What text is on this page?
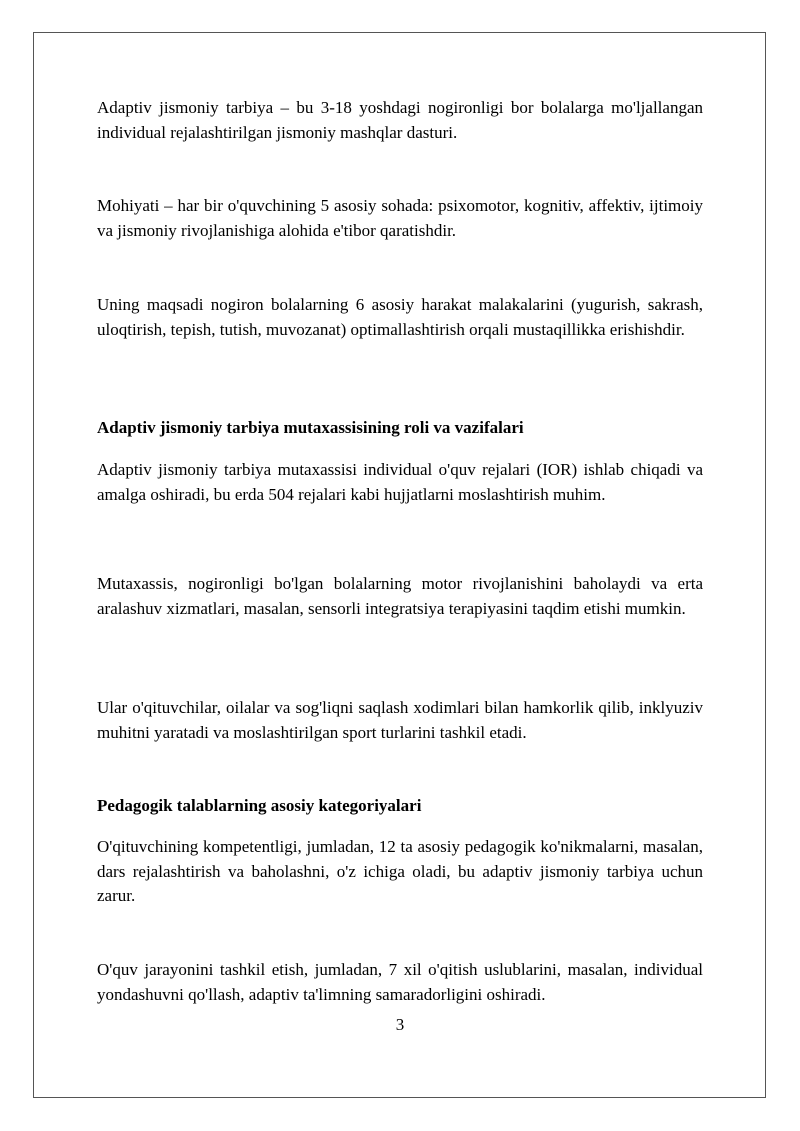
Adaptiv jismoniy tarbiya – bu 3-18 yoshdagi nogironligi bor bolalarga mo'ljallangan individual rejalashtirilgan jismoniy mashqlar dasturi.

Mohiyati – har bir o'quvchining 5 asosiy sohada: psixomotor, kognitiv, affektiv, ijtimoiy va jismoniy rivojlanishiga alohida e'tibor qaratishdir.

Uning maqsadi nogiron bolalarning 6 asosiy harakat malakalarini (yugurish, sakrash, uloqtirish, tepish, tutish, muvozanat) optimallashtirish orqali mustaqillikka erishishdir.

Adaptiv jismoniy tarbiya mutaxassisining roli va vazifalari

Adaptiv jismoniy tarbiya mutaxassisi individual o'quv rejalari (IOR) ishlab chiqadi va amalga oshiradi, bu erda 504 rejalari kabi hujjatlarni moslashtirish muhim.

Mutaxassis, nogironligi bo'lgan bolalarning motor rivojlanishini baholaydi va erta aralashuv xizmatlari, masalan, sensorli integratsiya terapiyasini taqdim etishi mumkin.

Ular o'qituvchilar, oilalar va sog'liqni saqlash xodimlari bilan hamkorlik qilib, inklyuziv muhitni yaratadi va moslashtirilgan sport turlarini tashkil etadi.

Pedagogik talablarning asosiy kategoriyalari

O'qituvchining kompetentligi, jumladan, 12 ta asosiy pedagogik ko'nikmalarni, masalan, dars rejalashtirish va baholashni, o'z ichiga oladi, bu adaptiv jismoniy tarbiya uchun zarur.

O'quv jarayonini tashkil etish, jumladan, 7 xil o'qitish uslublarini, masalan, individual yondashuvni qo'llash, adaptiv ta'limning samaradorligini oshiradi.

3
